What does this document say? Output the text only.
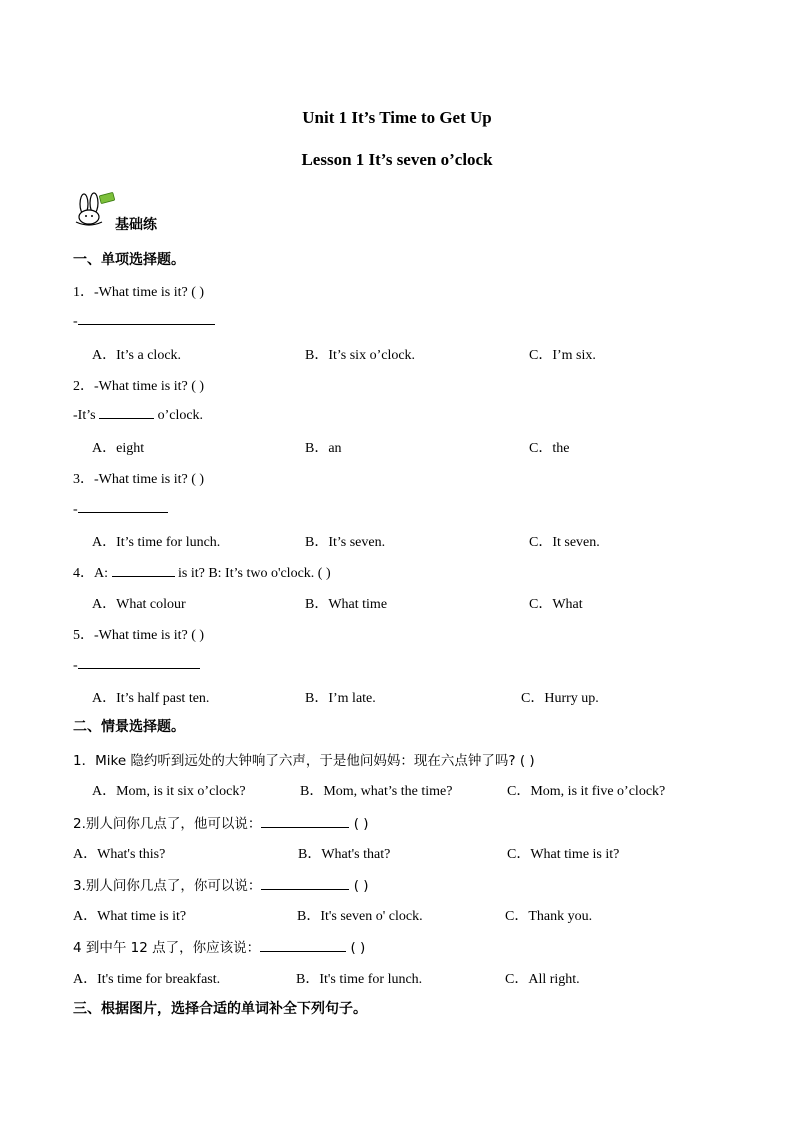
Unit 1 It’s Time to Get Up
Lesson 1 It’s seven o’clock
基础练
一、单项选择题。
1．-What time is it? ( )
-
A．It’s a clock.	B．It’s six o’clock.	C．I’m six.
2．-What time is it? ( )
-It’s	o’clock.
A．eight	B．an	C．the
3．-What time is it? ( )
-
A．It’s time for lunch.	B．It’s seven.	C．It seven.
4．A:	is it? B: It’s two o'clock. ( )
A．What colour	B．What time	C．What
5．-What time is it? ( )
-
A．It’s half past ten.	B．I’m late.	C．Hurry up.
二、情景选择题。
1．Mike 隐约听到远处的大钟响了六声，于是他问妈妈：现在六点钟了吗? ( )
A．Mom, is it six o’clock?	B．Mom, what’s the time?	C．Mom, is it five o’clock?
2.别人问你几点了，他可以说：	( )
A．What's this?	B．What's that?	C．What time is it?
3.别人问你几点了，你可以说：	( )
A．What time is it?	B．It's seven o' clock.	C．Thank you.
4 到中午 12 点了，你应该说：	( )
A．It's time for breakfast.	B．It's time for lunch.	C．All right.
三、根据图片，选择合适的单词补全下列句子。
